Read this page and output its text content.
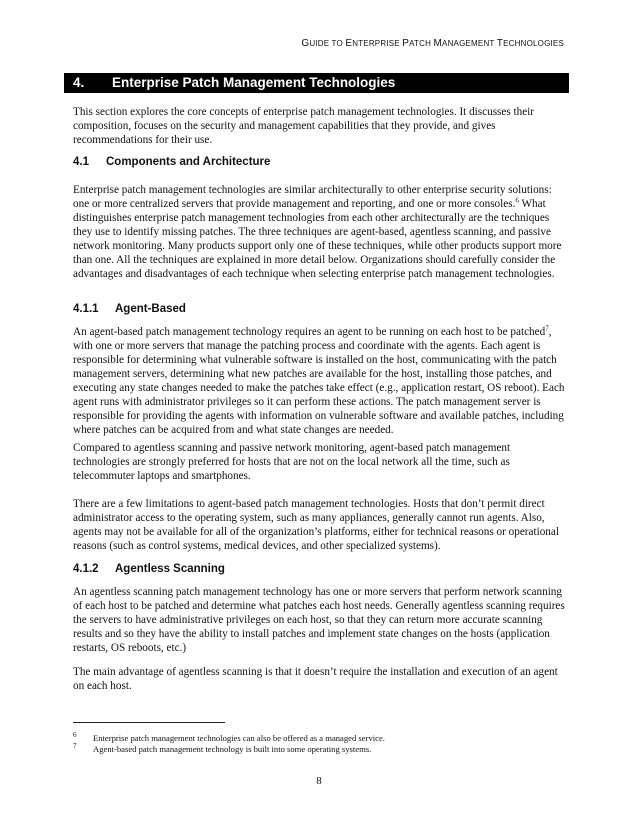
GUIDE TO ENTERPRISE PATCH MANAGEMENT TECHNOLOGIES
4. Enterprise Patch Management Technologies

This section explores the core concepts of enterprise patch management technologies. It discusses their composition, focuses on the security and management capabilities that they provide, and gives recommendations for their use.

4.1 Components and Architecture

Enterprise patch management technologies are similar architecturally to other enterprise security solutions: one or more centralized servers that provide management and reporting, and one or more consoles.$^6$ What distinguishes enterprise patch management technologies from each other architecturally are the techniques they use to identify missing patches. The three techniques are agent-based, agentless scanning, and passive network monitoring. Many products support only one of these techniques, while other products support more than one. All the techniques are explained in more detail below. Organizations should carefully consider the advantages and disadvantages of each technique when selecting enterprise patch management technologies.

4.1.1 Agent-Based

An agent-based patch management technology requires an agent to be running on each host to be patched$^7$, with one or more servers that manage the patching process and coordinate with the agents. Each agent is responsible for determining what vulnerable software is installed on the host, communicating with the patch management servers, determining what new patches are available for the host, installing those patches, and executing any state changes needed to make the patches take effect (e.g., application restart, OS reboot). Each agent runs with administrator privileges so it can perform these actions. The patch management server is responsible for providing the agents with information on vulnerable software and available patches, including where patches can be acquired from and what state changes are needed.

Compared to agentless scanning and passive network monitoring, agent-based patch management technologies are strongly preferred for hosts that are not on the local network all the time, such as telecommuter laptops and smartphones.

There are a few limitations to agent-based patch management technologies. Hosts that don’t permit direct administrator access to the operating system, such as many appliances, generally cannot run agents. Also, agents may not be available for all of the organization’s platforms, either for technical reasons or operational reasons (such as control systems, medical devices, and other specialized systems).

4.1.2 Agentless Scanning

An agentless scanning patch management technology has one or more servers that perform network scanning of each host to be patched and determine what patches each host needs. Generally agentless scanning requires the servers to have administrative privileges on each host, so that they can return more accurate scanning results and so they have the ability to install patches and implement state changes on the hosts (application restarts, OS reboots, etc.)

The main advantage of agentless scanning is that it doesn’t require the installation and execution of an agent on each host.

6 Enterprise patch management technologies can also be offered as a managed service.
7 Agent-based patch management technology is built into some operating systems.
8
